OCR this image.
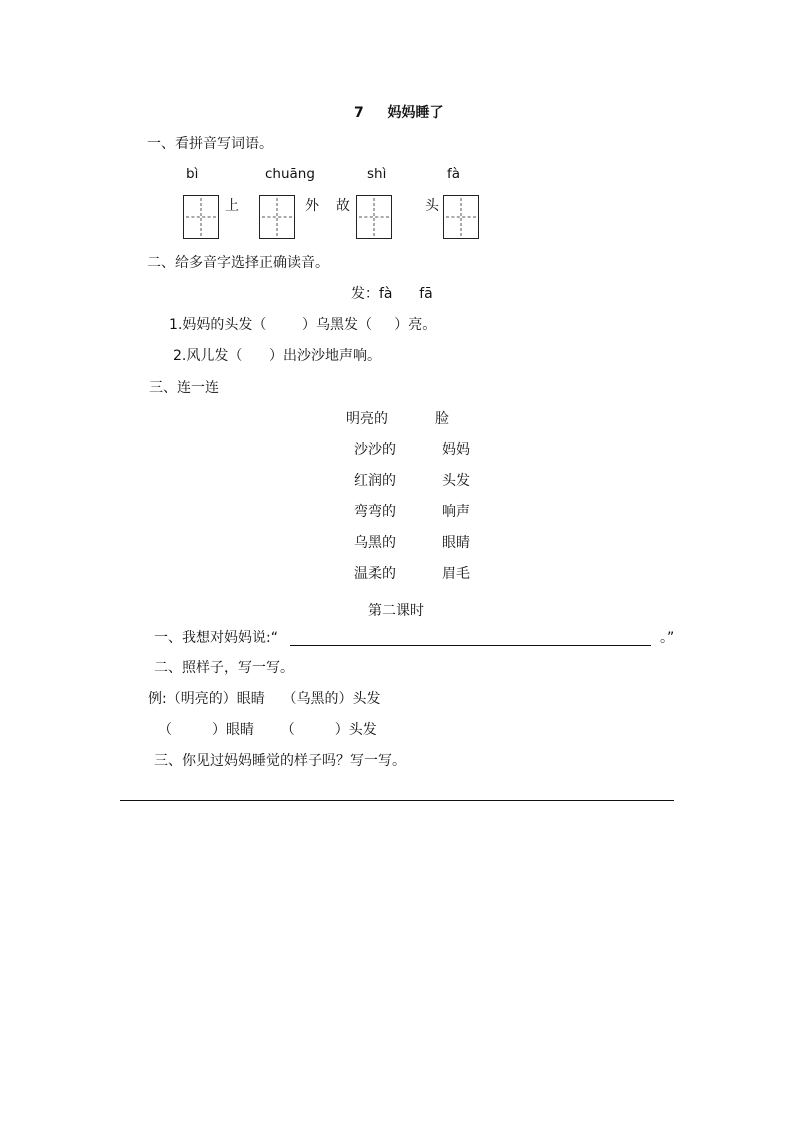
7 妈妈睡了
一、看拼音写词语。
bì	chuāng	shì	fà
上	外 故	头
二、给多音字选择正确读音。
发：fà      fā
1.妈妈的头发（        ）乌黑发（     ）亮。
2.风儿发（      ）出沙沙地声响。
三、连一连
明亮的	脸
沙沙的	妈妈
红润的	头发
弯弯的	响声
乌黑的	眼睛
温柔的	眉毛
第二课时
一、我想对妈妈说:“	。”
二、照样子，写一写。
例:（明亮的）眼睛    （乌黑的）头发
（         ）眼睛      （         ）头发
三、你见过妈妈睡觉的样子吗？写一写。
